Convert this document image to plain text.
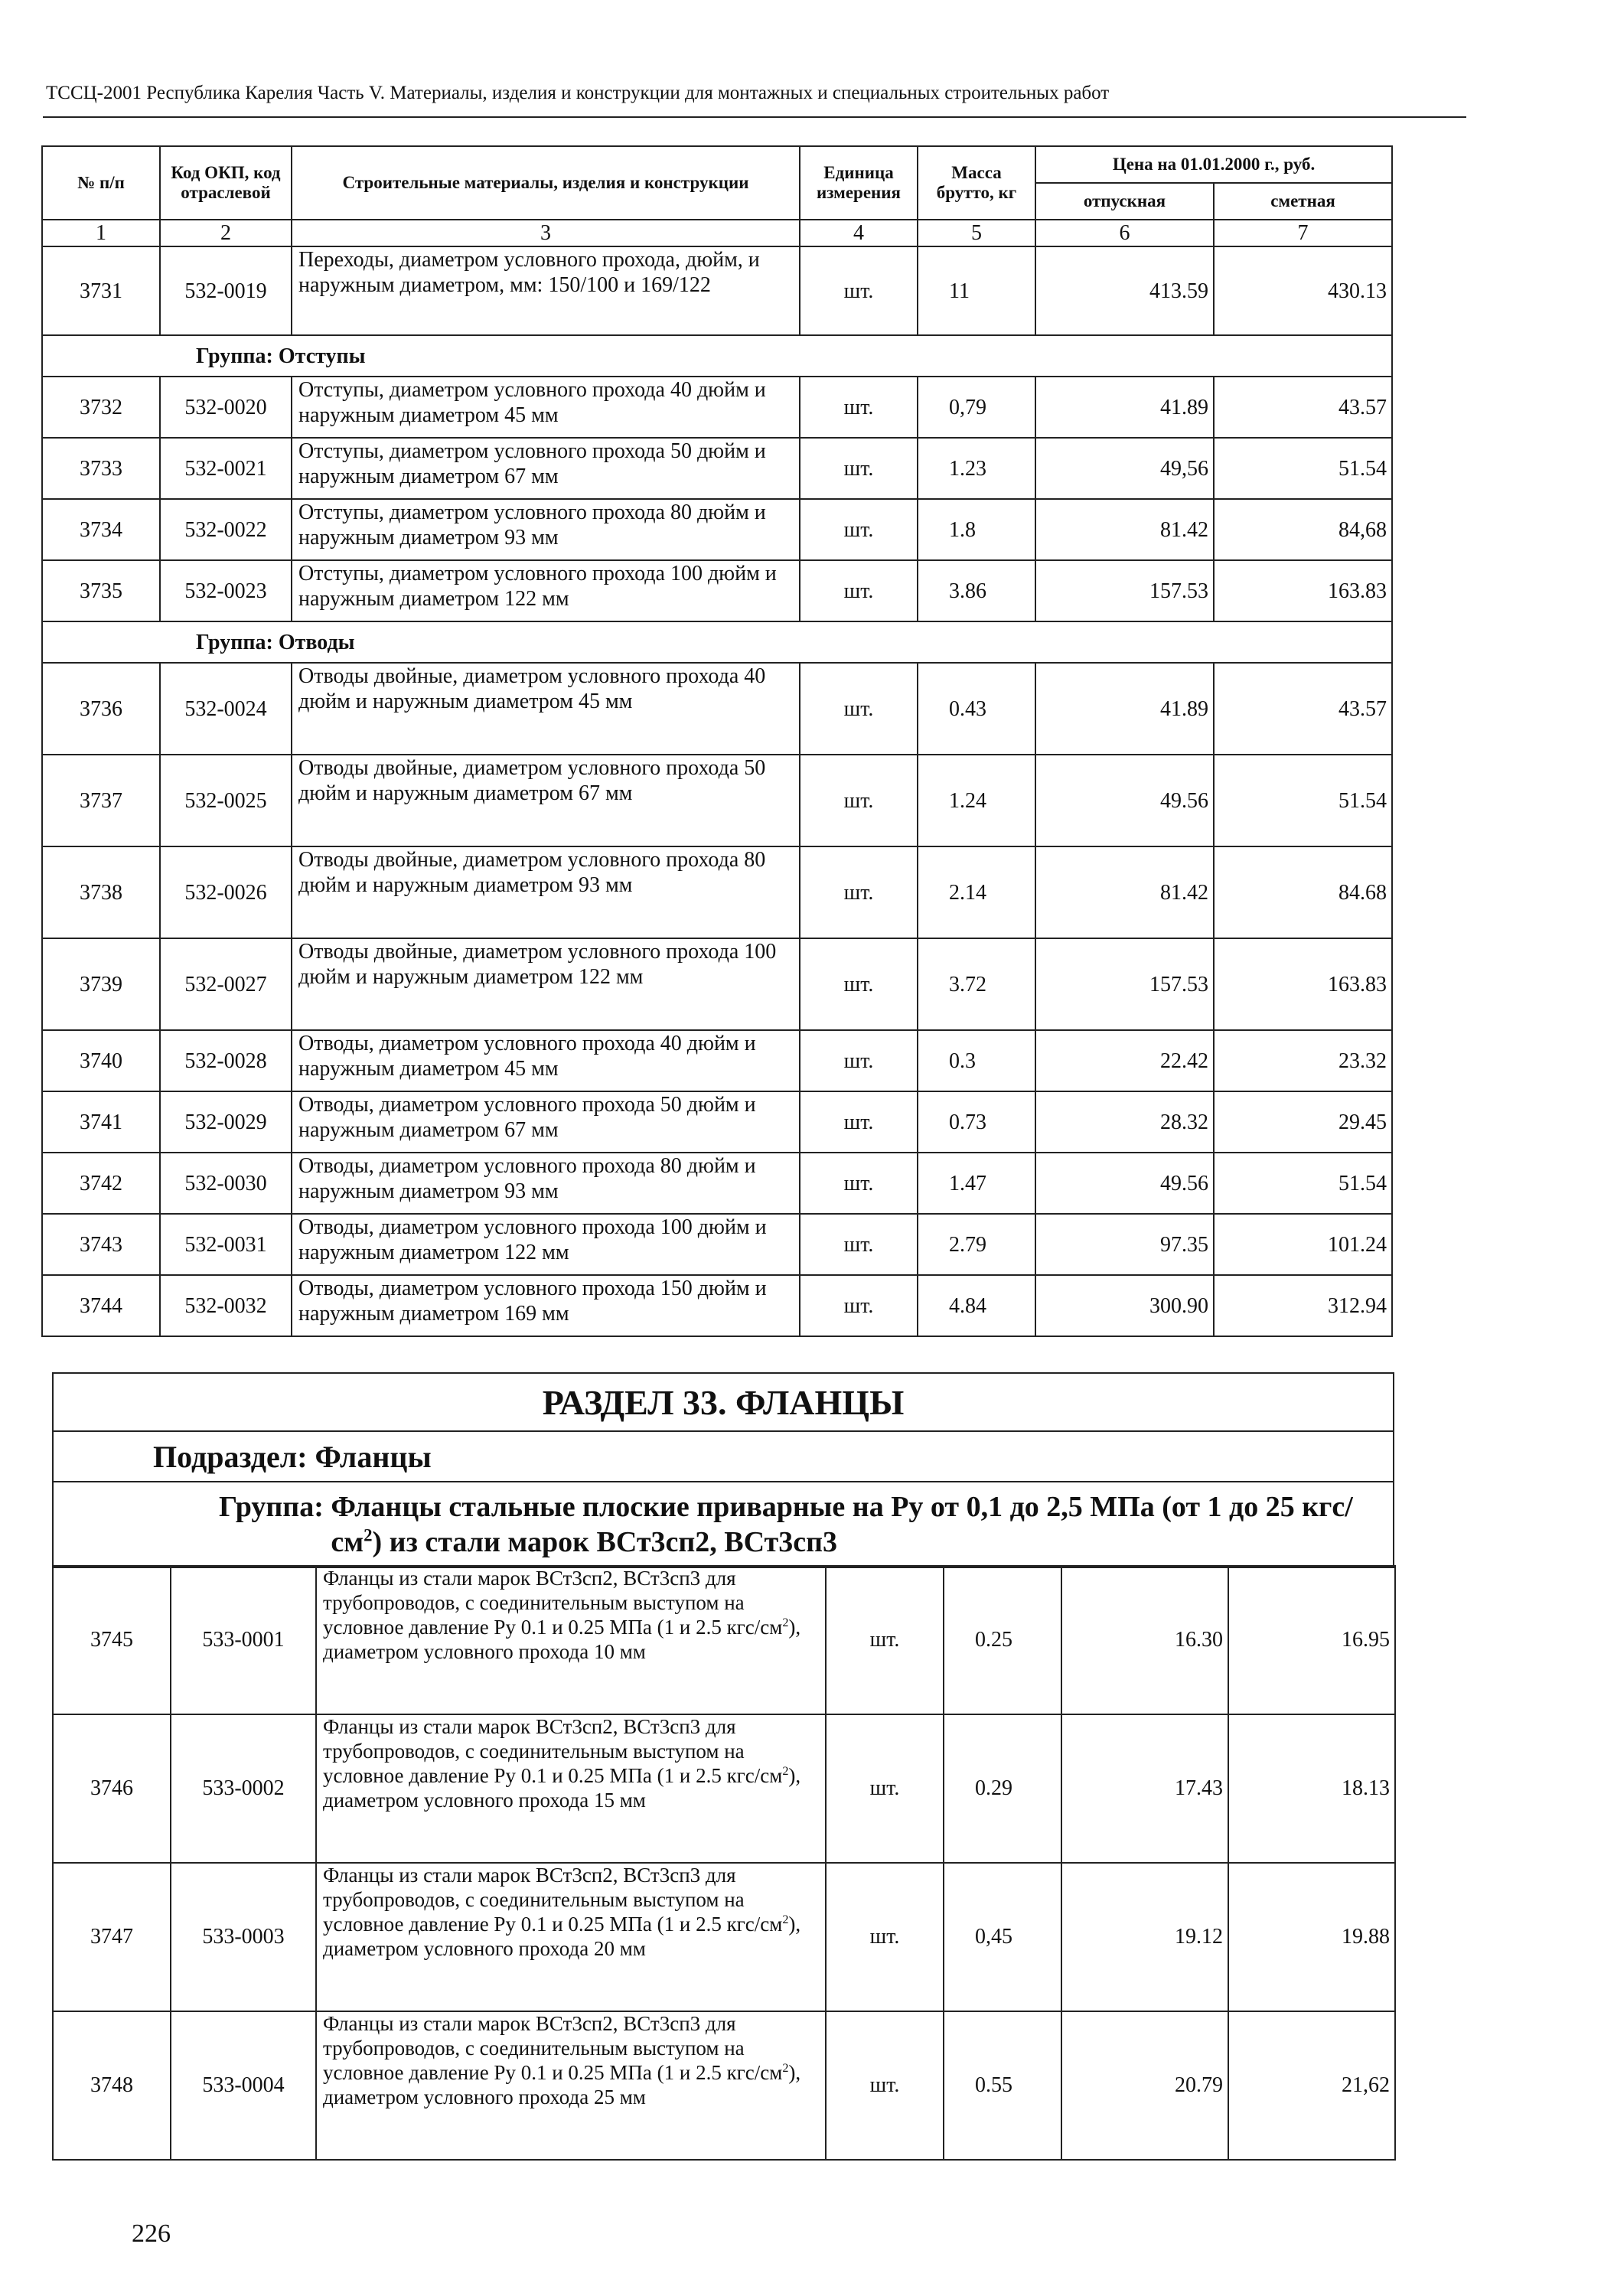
ТССЦ-2001 Республика Карелия Часть V. Материалы, изделия и конструкции для монтажных и специальных строительных работ
№ п/п	Код ОКП, код отраслевой	Строительные материалы, изделия и конструкции	Единица измерения	Масса брутто, кг	Цена на 01.01.2000 г., руб.	
					отпускная	сметная
1	2	3	4	5	6	7
3731	532-0019	Переходы, диаметром условного прохода, дюйм, и наружным диаметром, мм: 150/100 и 169/122	шт.	11	413.59	430.13
Группа: Отступы						
3732	532-0020	Отступы, диаметром условного прохода 40 дюйм и наружным диаметром 45 мм	шт.	0,79	41.89	43.57
3733	532-0021	Отступы, диаметром условного прохода 50 дюйм и наружным диаметром 67 мм	шт.	1.23	49,56	51.54
3734	532-0022	Отступы, диаметром условного прохода 80 дюйм и наружным диаметром 93 мм	шт.	1.8	81.42	84,68
3735	532-0023	Отступы, диаметром условного прохода 100 дюйм и наружным диаметром 122 мм	шт.	3.86	157.53	163.83
Группа: Отводы						
3736	532-0024	Отводы двойные, диаметром условного прохода 40 дюйм и наружным диаметром 45 мм	шт.	0.43	41.89	43.57
3737	532-0025	Отводы двойные, диаметром условного прохода 50 дюйм и наружным диаметром 67 мм	шт.	1.24	49.56	51.54
3738	532-0026	Отводы двойные, диаметром условного прохода 80 дюйм и наружным диаметром 93 мм	шт.	2.14	81.42	84.68
3739	532-0027	Отводы двойные, диаметром условного прохода 100 дюйм и наружным диаметром 122 мм	шт.	3.72	157.53	163.83
3740	532-0028	Отводы, диаметром условного прохода 40 дюйм и наружным диаметром 45 мм	шт.	0.3	22.42	23.32
3741	532-0029	Отводы, диаметром условного прохода 50 дюйм и наружным диаметром 67 мм	шт.	0.73	28.32	29.45
3742	532-0030	Отводы, диаметром условного прохода 80 дюйм и наружным диаметром 93 мм	шт.	1.47	49.56	51.54
3743	532-0031	Отводы, диаметром условного прохода 100 дюйм и наружным диаметром 122 мм	шт.	2.79	97.35	101.24
3744	532-0032	Отводы, диаметром условного прохода 150 дюйм и наружным диаметром 169 мм	шт.	4.84	300.90	312.94
РАЗДЕЛ 33. ФЛАНЦЫ
Подраздел: Фланцы
Группа: Фланцы стальные плоские приварные на Ру от 0,1 до 2,5 МПа (от 1 до 25 кгс/$см^2$) из стали марок ВСт3сп2, ВСт3сп3
3745	533-0001	Фланцы из стали марок ВСт3сп2, ВСт3сп3 для трубопроводов, с соединительным выступом на условное давление Ру 0.1 и 0.25 МПа (1 и 2.5 кгс/$см^2$), диаметром условного прохода 10 мм	шт.	0.25	16.30	16.95
3746	533-0002	Фланцы из стали марок ВСт3сп2, ВСт3сп3 для трубопроводов, с соединительным выступом на условное давление Ру 0.1 и 0.25 МПа (1 и 2.5 кгс/$см^2$), диаметром условного прохода 15 мм	шт.	0.29	17.43	18.13
3747	533-0003	Фланцы из стали марок ВСт3сп2, ВСт3сп3 для трубопроводов, с соединительным выступом на условное давление Ру 0.1 и 0.25 МПа (1 и 2.5 кгс/$см^2$), диаметром условного прохода 20 мм	шт.	0,45	19.12	19.88
3748	533-0004	Фланцы из стали марок ВСт3сп2, ВСт3сп3 для трубопроводов, с соединительным выступом на условное давление Ру 0.1 и 0.25 МПа (1 и 2.5 кгс/$см^2$), диаметром условного прохода 25 мм	шт.	0.55	20.79	21,62
226
